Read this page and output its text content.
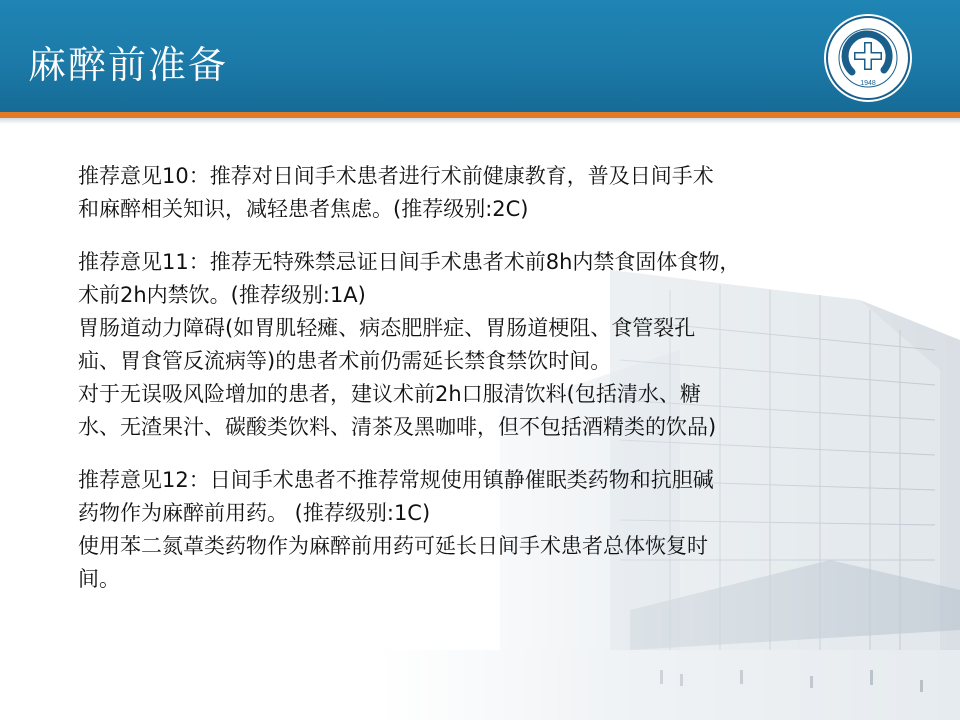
麻醉前准备	1948

推荐意见10：推荐对日间手术患者进行术前健康教育，普及日间手术
和麻醉相关知识，减轻患者焦虑。(推荐级别:2C)

推荐意见11：推荐无特殊禁忌证日间手术患者术前8h内禁食固体食物，
术前2h内禁饮。(推荐级别:1A)
胃肠道动力障碍(如胃肌轻瘫、病态肥胖症、胃肠道梗阻、食管裂孔
疝、胃食管反流病等)的患者术前仍需延长禁食禁饮时间。
对于无误吸风险增加的患者，建议术前2h口服清饮料(包括清水、糖
水、无渣果汁、碳酸类饮料、清茶及黑咖啡，但不包括酒精类的饮品)

推荐意见12：日间手术患者不推荐常规使用镇静催眠类药物和抗胆碱
药物作为麻醉前用药。 (推荐级别:1C)
使用苯二氮䓬类药物作为麻醉前用药可延长日间手术患者总体恢复时
间。
